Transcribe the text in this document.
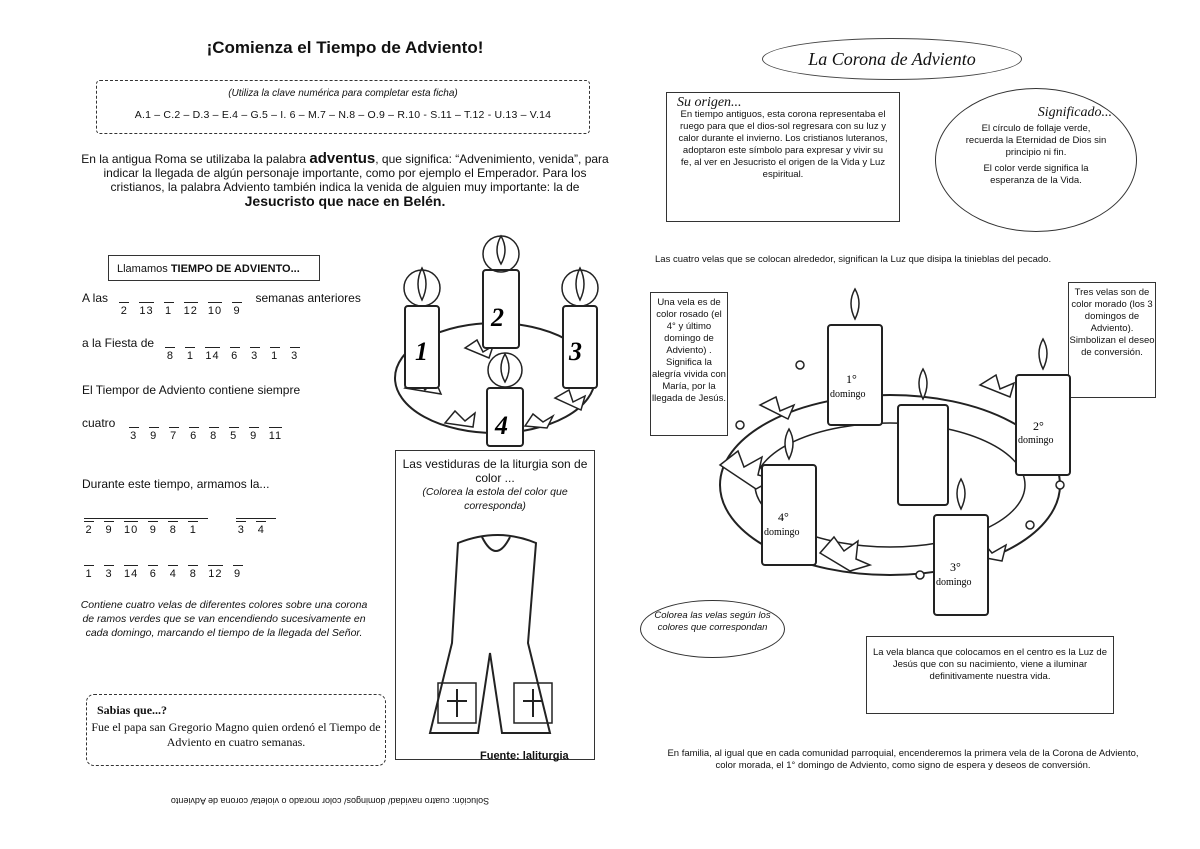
¡Comienza el Tiempo de Adviento!
(Utiliza la clave numérica para completar esta ficha)
A.1 – C.2 – D.3 – E.4 – G.5 – I. 6 – M.7 – N.8 – O.9 – R.10 - S.11 – T.12 - U.13 – V.14
En la antigua Roma se utilizaba la palabra adventus, que significa: “Advenimiento, venida”, para indicar la llegada de algún personaje importante, como por ejemplo el Emperador. Para los cristianos, la palabra Adviento también indica la venida de alguien muy importante: la de Jesucristo que nace en Belén.
Llamamos TIEMPO DE ADVIENTO...
A las 2 13 1 12 10 9 semanas anteriores
a la Fiesta de 8 1 14 6 3 1 3
El Tiempor de Adviento contiene siempre
cuatro 3 9 7 6 8 5 9 11
Durante este tiempo, armamos la...
2 9 10 9 8 1	3 4
1 3 14 6 4 8 12 9
Contiene cuatro velas de diferentes colores sobre una corona de ramos verdes que se van encendiendo sucesivamente en cada domingo, marcando el tiempo de la llegada del Señor.
Sabias que...?
Fue el papa san Gregorio Magno quien ordenó el Tiempo de Adviento en cuatro semanas.
1
2
3
4
Las vestiduras de la liturgia son de color ...
(Colorea la estola del color que corresponda)
Fuente: laliturgia
Solución: cuatro navidad/ domingos/ color morado o violeta/ corona de Adviento
La Corona de Adviento
Su origen...
En tiempo antiguos, esta corona representaba el ruego para que el dios-sol regresara con su luz y calor durante el invierno. Los cristianos luteranos, adoptaron este símbolo para expresar y vivir su fe, al ver en Jesucristo el origen de la Vida y Luz espiritual.
Significado...
El círculo de follaje verde, recuerda la Eternidad de Dios sin principio ni fin.
El color verde significa la esperanza de la Vida.
Las cuatro velas que se colocan alrededor, significan la Luz que disipa la tinieblas del pecado.
Una vela es de color rosado (el 4° y último domingo de Adviento) . Significa la alegría vivida con María, por la llegada de Jesús.
Tres velas son de color morado (los 3 domingos de Adviento). Simbolizan el deseo de conversión.
1°
domingo
2°
domingo
4°
domingo
3°
domingo
Colorea las velas según los colores que correspondan
La vela blanca que colocamos en el centro es la Luz de Jesús que con su nacimiento, viene a iluminar definitivamente nuestra vida.
En familia, al igual que en cada comunidad parroquial, encenderemos la primera vela de la Corona de Adviento, color morada, el 1° domingo de Adviento, como signo de espera y deseos de conversión.
